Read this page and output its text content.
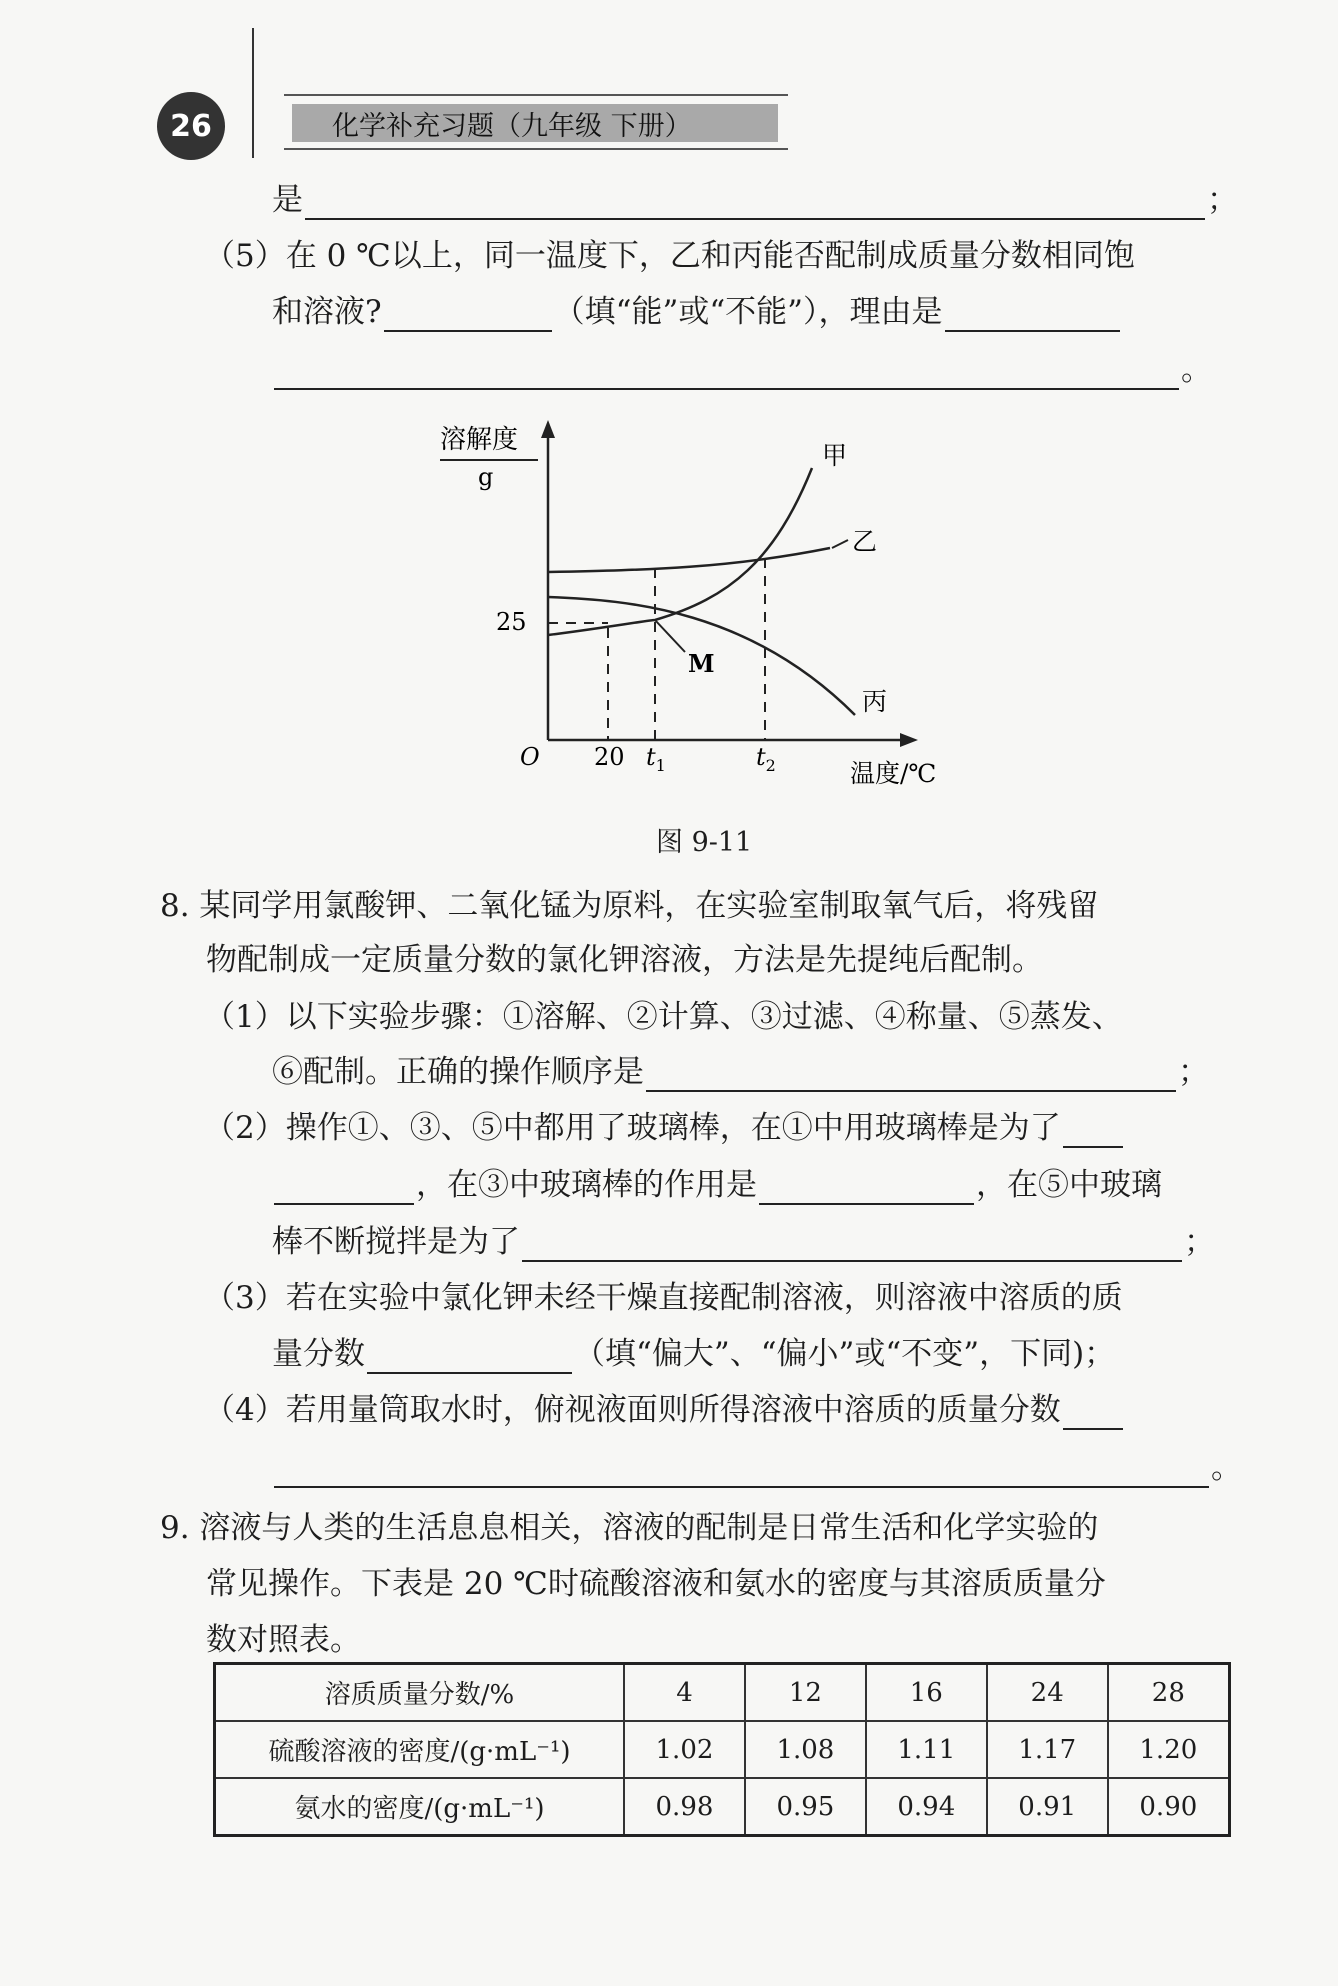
26	化学补充习题（九年级 下册）
是	；
（5）在 0 ℃以上，同一温度下，乙和丙能否配制成质量分数相同饱
和溶液?	（填“能”或“不能”），理由是
。
溶解度
g
M
25
O 20 $t_1$	$t_2$	温度/℃
甲
乙
丙
图 9-11
8. 某同学用氯酸钾、二氧化锰为原料，在实验室制取氧气后，将残留
物配制成一定质量分数的氯化钾溶液，方法是先提纯后配制。
（1）以下实验步骤：①溶解、②计算、③过滤、④称量、⑤蒸发、
⑥配制。正确的操作顺序是	；
（2）操作①、③、⑤中都用了玻璃棒，在①中用玻璃棒是为了
，在③中玻璃棒的作用是	，在⑤中玻璃
棒不断搅拌是为了	；
（3）若在实验中氯化钾未经干燥直接配制溶液，则溶液中溶质的质
量分数	（填“偏大”、“偏小”或“不变”，下同)；
（4）若用量筒取水时，俯视液面则所得溶液中溶质的质量分数
。
9. 溶液与人类的生活息息相关，溶液的配制是日常生活和化学实验的
常见操作。下表是 20 ℃时硫酸溶液和氨水的密度与其溶质质量分
数对照表。
溶质质量分数/%	4	12	16	24	28
硫酸溶液的密度/(g·mL⁻¹)	1.02	1.08	1.11	1.17	1.20
氨水的密度/(g·mL⁻¹)	0.98	0.95	0.94	0.91	0.90
